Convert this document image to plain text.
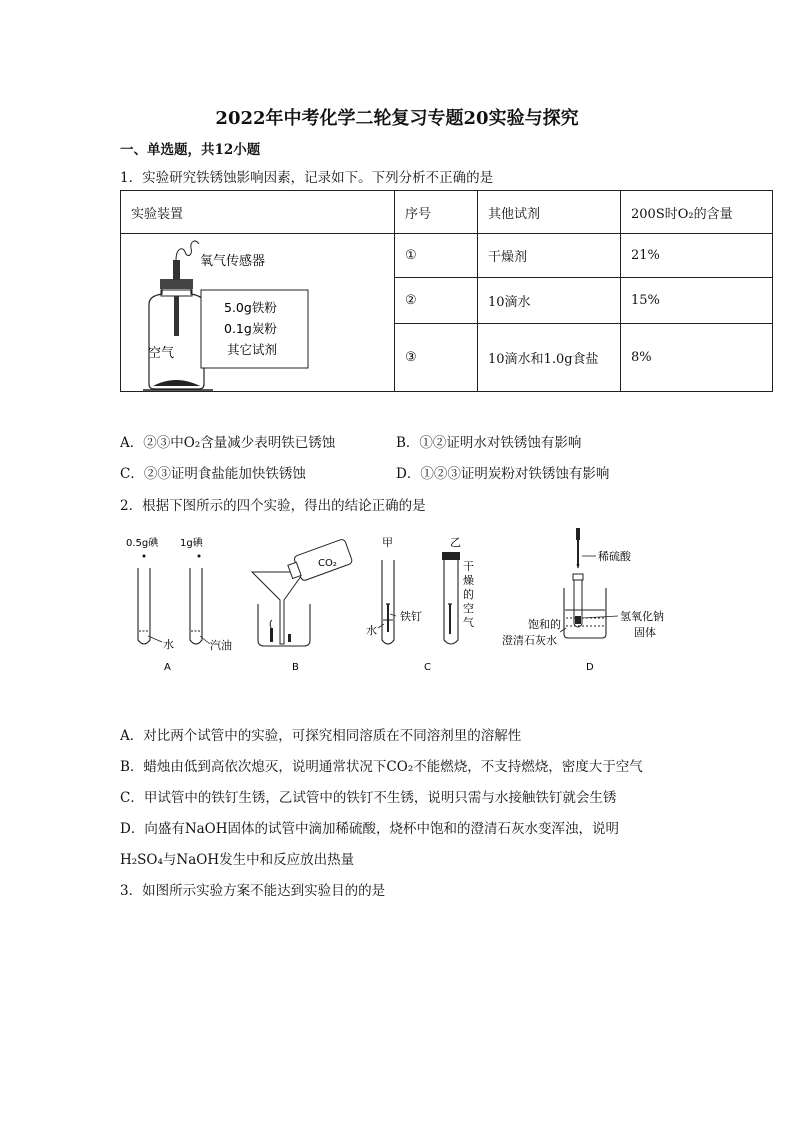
2022年中考化学二轮复习专题20实验与探究
一、单选题，共12小题
1．实验研究铁锈蚀影响因素，记录如下。下列分析不正确的是
实验装置	序号	其他试剂	200S时O₂的含量

氧气传感器
空气
5.0g铁粉
0.1g炭粉
其它试剂	①	干燥剂	21%
	②	10滴水	15%
	③	10滴水和1.0g食盐	8%
A．②③中O₂含量减少表明铁已锈蚀	B．①②证明水对铁锈蚀有影响
C．②③证明食盐能加快铁锈蚀	D．①②③证明炭粉对铁锈蚀有影响
2．根据下图所示的四个实验，得出的结论正确的是
0.5g碘 1g碘
水	汽油
A
CO₂
B
甲	乙
水
铁钉
干
燥
的
空
气
C
稀硫酸
饱和的
澄清石灰水
氢氧化钠
固体
D
A．对比两个试管中的实验，可探究相同溶质在不同溶剂里的溶解性
B．蜡烛由低到高依次熄灭，说明通常状况下CO₂不能燃烧，不支持燃烧，密度大于空气
C．甲试管中的铁钉生锈，乙试管中的铁钉不生锈，说明只需与水接触铁钉就会生锈
D．向盛有NaOH固体的试管中滴加稀硫酸，烧杯中饱和的澄清石灰水变浑浊，说明
H₂SO₄与NaOH发生中和反应放出热量
3．如图所示实验方案不能达到实验目的的是
